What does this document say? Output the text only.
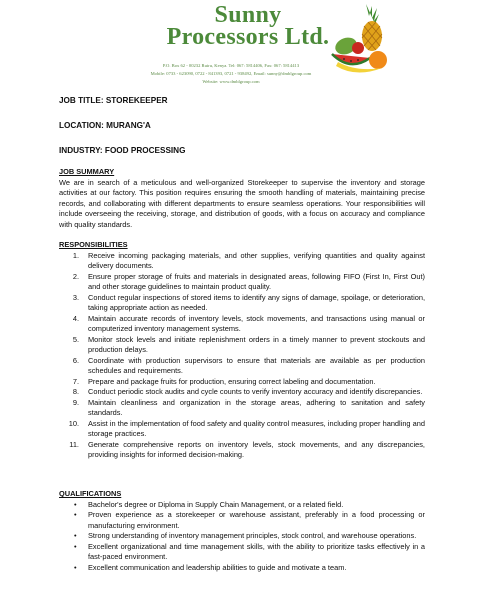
Sunny
Processors Ltd.
P.O. Box 62 - 00232 Ruiru, Kenya. Tel: 067: 5814406, Fax: 067: 5814413
Mobile: 0733 - 623090, 0722 - 841393, 0721 - 938492, Email: sunny@dmblgroup.com
Website: www.dmblgroup.com
JOB TITLE: STOREKEEPER
LOCATION: MURANG'A
INDUSTRY: FOOD PROCESSING
JOB SUMMARY

We are in search of a meticulous and well-organized Storekeeper to supervise the inventory and storage activities at our factory. This position requires ensuring the smooth handling of materials, maintaining precise records, and collaborating with different departments to ensure seamless operations. Your responsibilities will include overseeing the receiving, storage, and distribution of goods, with a focus on accuracy and compliance with quality standards.

RESPONSIBILITIES
1. Receive incoming packaging materials, and other supplies, verifying quantities and quality against delivery documents.
2. Ensure proper storage of fruits and materials in designated areas, following FIFO (First In, First Out) and other storage guidelines to maintain product quality.
3. Conduct regular inspections of stored items to identify any signs of damage, spoilage, or deterioration, taking appropriate action as needed.
4. Maintain accurate records of inventory levels, stock movements, and transactions using manual or computerized inventory management systems.
5. Monitor stock levels and initiate replenishment orders in a timely manner to prevent stockouts and production delays.
6. Coordinate with production supervisors to ensure that materials are available as per production schedules and requirements.
7. Prepare and package fruits for production, ensuring correct labeling and documentation.
8. Conduct periodic stock audits and cycle counts to verify inventory accuracy and identify discrepancies.
9. Maintain cleanliness and organization in the storage areas, adhering to sanitation and safety standards.
10. Assist in the implementation of food safety and quality control measures, including proper handling and storage practices.
11. Generate comprehensive reports on inventory levels, stock movements, and any discrepancies, providing insights for informed decision-making.
QUALIFICATIONS
• Bachelor's degree or Diploma in Supply Chain Management, or a related field.
• Proven experience as a storekeeper or warehouse assistant, preferably in a food processing or manufacturing environment.
• Strong understanding of inventory management principles, stock control, and warehouse operations.
• Excellent organizational and time management skills, with the ability to prioritize tasks effectively in a fast-paced environment.
• Excellent communication and leadership abilities to guide and motivate a team.
